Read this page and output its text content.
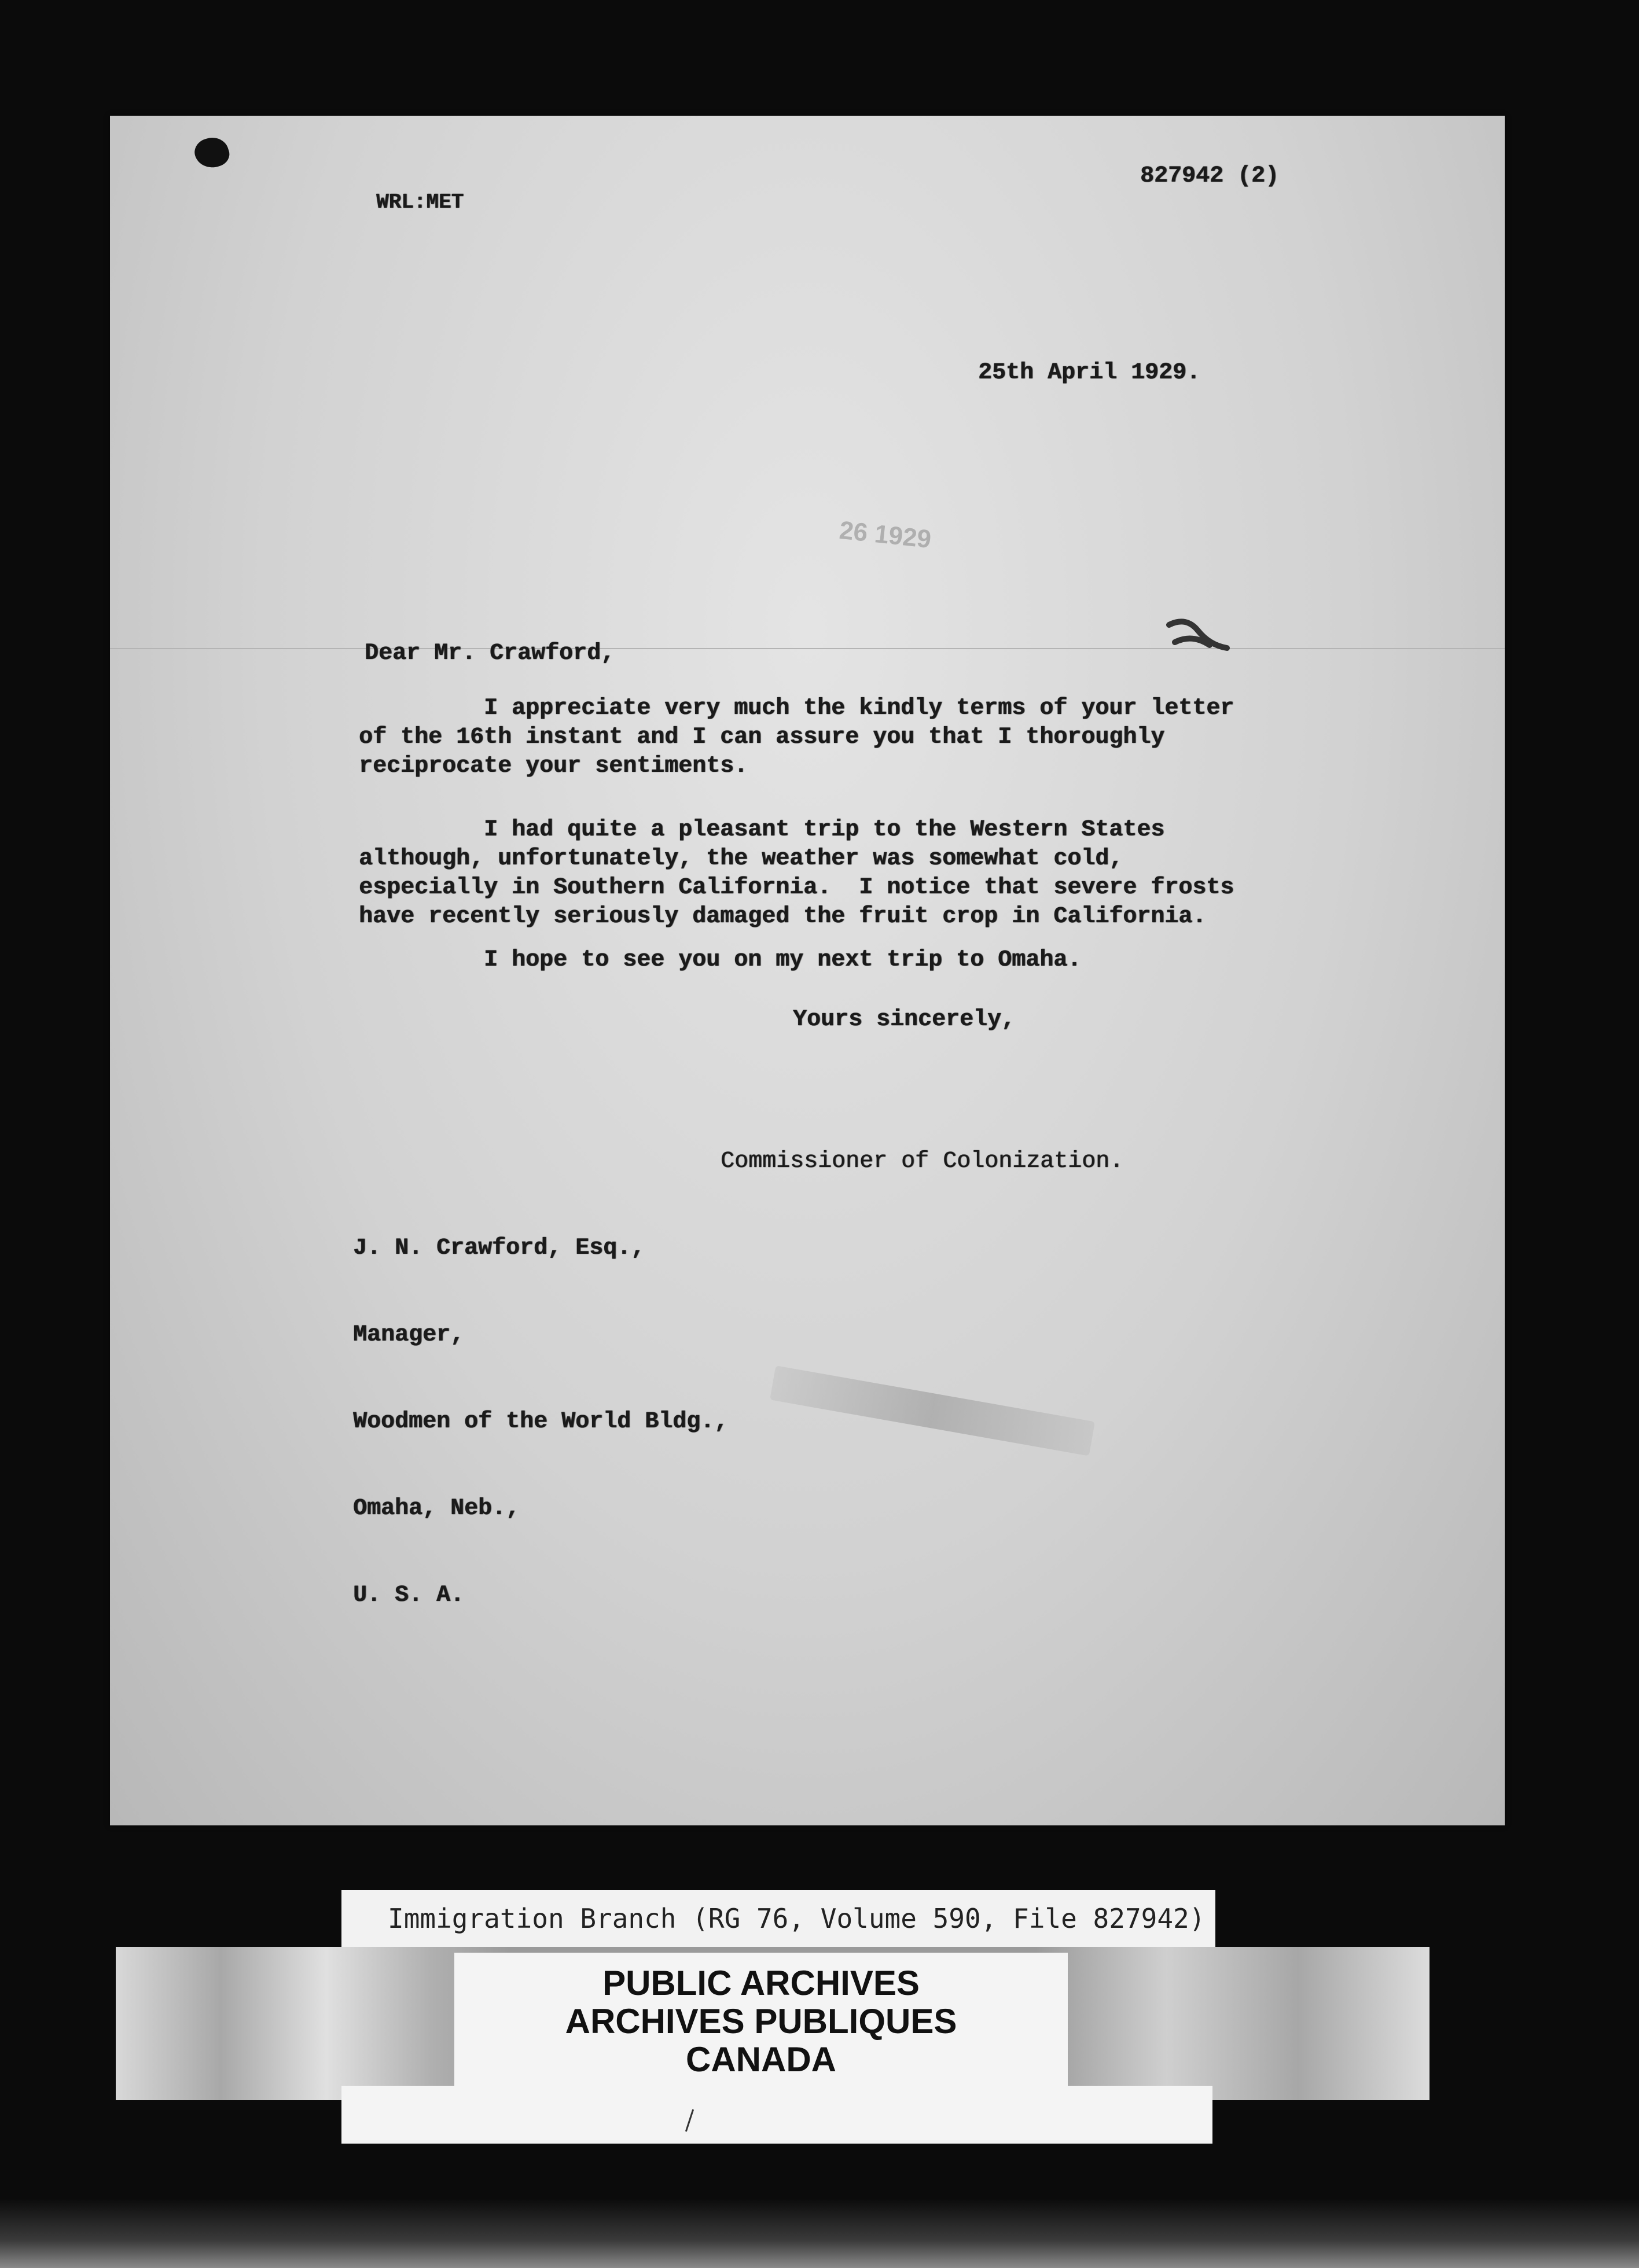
WRL:MET
827942 (2)
25th April 1929.
26 1929
Dear Mr. Crawford,
I appreciate very much the kindly terms of your letter
of the 16th instant and I can assure you that I thoroughly
reciprocate your sentiments.
I had quite a pleasant trip to the Western States
although, unfortunately, the weather was somewhat cold,
especially in Southern California.  I notice that severe frosts
have recently seriously damaged the fruit crop in California.
I hope to see you on my next trip to Omaha.
Yours sincerely,
Commissioner of Colonization.

J. N. Crawford, Esq.,

Manager,

Woodmen of the World Bldg.,

Omaha, Neb.,

U. S. A.

Immigration Branch (RG 76, Volume 590, File 827942)
PUBLIC ARCHIVES
ARCHIVES PUBLIQUES
CANADA
